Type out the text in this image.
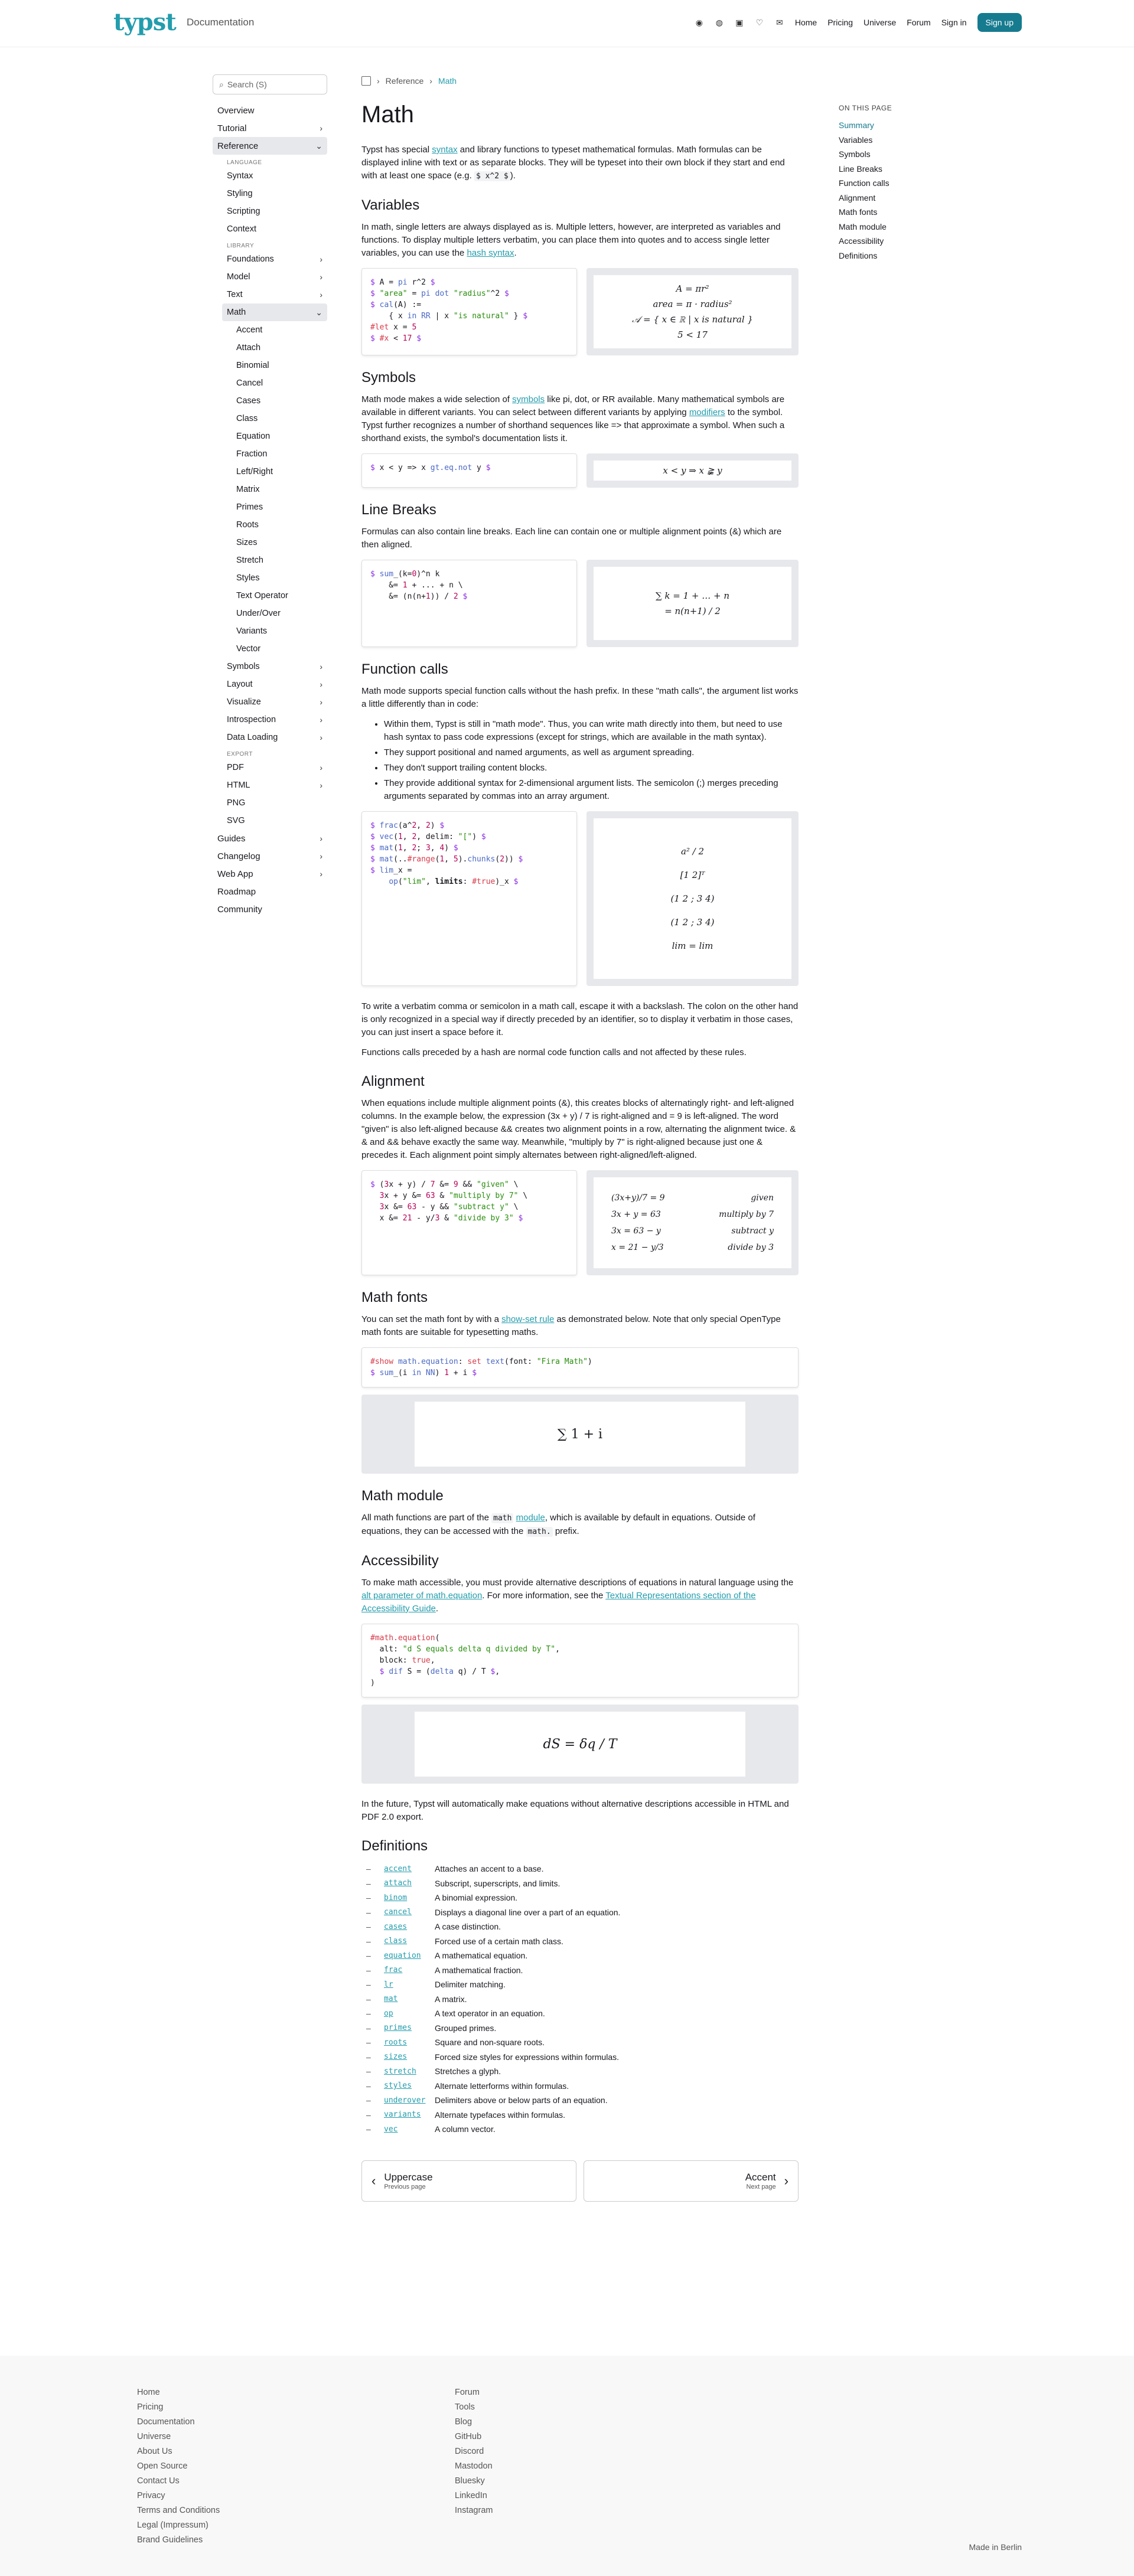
typst Documentation	◉ ◍ ▣ ♡ ✉ Home Pricing Universe Forum Sign in	Sign up
⌕ Search (S)
Overview
Tutorial	›
Reference	⌄
LANGUAGE
Syntax
Styling
Scripting
Context
LIBRARY
Foundations	›
Model	›
Text	›
Math	⌄
Accent
Attach
Binomial
Cancel
Cases
Class
Equation
Fraction
Left/Right
Matrix
Primes
Roots
Sizes
Stretch
Styles
Text Operator
Under/Over
Variants
Vector
Symbols	›
Layout	›
Visualize	›
Introspection	›
Data Loading	›
EXPORT
PDF	›
HTML	›
PNG
SVG
Guides	›
Changelog	›
Web App	›
Roadmap
Community
› Reference › Math
Math

Typst has special syntax and library functions to typeset mathematical formulas. Math formulas can be displayed inline with text or as separate blocks. They will be typeset into their own block if they start and end with at least one space (e.g. $ x^2 $ ).

Variables

In math, single letters are always displayed as is. Multiple letters, however, are interpreted as variables and functions. To display multiple letters verbatim, you can place them into quotes and to access single letter variables, you can use the hash syntax.

$ A = pi r^2 $
$ "area" = pi dot "radius"^2 $
$ cal(A) :=
{ x in RR | x "is natural" } $
#let x = 5
$ #x < 17 $
A = πr²
area = π · radius²
𝒜 = { x ∈ ℝ | x is natural }
5 < 17
Symbols

Math mode makes a wide selection of symbols like pi, dot, or RR available. Many mathematical symbols are available in different variants. You can select between different variants by applying modifiers to the symbol. Typst further recognizes a number of shorthand sequences like => that approximate a symbol. When such a shorthand exists, the symbol's documentation lists it.

$ x < y => x gt.eq.not y $	x < y ⇒ x ≩ y
Line Breaks

Formulas can also contain line breaks. Each line can contain one or multiple alignment points (&) which are then aligned.

$ sum_(k=0)^n k
&= 1 + ... + n \
&= (n(n+1)) / 2 $	∑ k = 1 + … + n
= n(n+1) / 2
Function calls

Math mode supports special function calls without the hash prefix. In these "math calls", the argument list works a little differently than in code:

• Within them, Typst is still in "math mode". Thus, you can write math directly into them, but need to use hash syntax to pass code expressions (except for strings, which are available in the math syntax).
• They support positional and named arguments, as well as argument spreading.
• They don't support trailing content blocks.
• They provide additional syntax for 2-dimensional argument lists. The semicolon (;) merges preceding arguments separated by commas into an array argument.
$ frac(a^2, 2) $
$ vec(1, 2, delim: "[") $
$ mat(1, 2; 3, 4) $
$ mat(..#range(1, 5).chunks(2)) $
$ lim_x =
op("lim", limits: #true)_x $
a² / 2
[1 2]ᵀ
(1 2 ; 3 4)
(1 2 ; 3 4)
lim = lim

To write a verbatim comma or semicolon in a math call, escape it with a backslash. The colon on the other hand is only recognized in a special way if directly preceded by an identifier, so to display it verbatim in those cases, you can just insert a space before it.

Functions calls preceded by a hash are normal code function calls and not affected by these rules.

Alignment

When equations include multiple alignment points (&), this creates blocks of alternatingly right- and left-aligned columns. In the example below, the expression (3x + y) / 7 is right-aligned and = 9 is left-aligned. The word "given" is also left-aligned because && creates two alignment points in a row, alternating the alignment twice. & & and && behave exactly the same way. Meanwhile, "multiply by 7" is right-aligned because just one & precedes it. Each alignment point simply alternates between right-aligned/left-aligned.

$ (3x + y) / 7 &= 9 && "given" \
3x + y &= 63 & "multiply by 7" \
3x &= 63 - y && "subtract y" \
x &= 21 - y/3 & "divide by 3" $
(3x+y)/7 = 9	given
3x + y = 63	multiply by 7
3x = 63 − y	subtract y
x = 21 − y/3	divide by 3
Math fonts

You can set the math font by with a show-set rule as demonstrated below. Note that only special OpenType math fonts are suitable for typesetting maths.

#show math.equation: set text(font: "Fira Math")
$ sum_(i in NN) 1 + i $
∑ 1 + i
Math module

All math functions are part of the math module, which is available by default in equations. Outside of equations, they can be accessed with the math. prefix.

Accessibility

To make math accessible, you must provide alternative descriptions of equations in natural language using the alt parameter of math.equation. For more information, see the Textual Representations section of the Accessibility Guide.

#math.equation(
alt: "d S equals delta q divided by T",
block: true,
$ dif S = (delta q) / T $,
)
dS = δq / T

In the future, Typst will automatically make equations without alternative descriptions accessible in HTML and PDF 2.0 export.

Definitions
–	accent	Attaches an accent to a base.
–	attach	Subscript, superscripts, and limits.
–	binom	A binomial expression.
–	cancel	Displays a diagonal line over a part of an equation.
–	cases	A case distinction.
–	class	Forced use of a certain math class.
–	equation	A mathematical equation.
–	frac	A mathematical fraction.
–	lr	Delimiter matching.
–	mat	A matrix.
–	op	A text operator in an equation.
–	primes	Grouped primes.
–	roots	Square and non-square roots.
–	sizes	Forced size styles for expressions within formulas.
–	stretch	Stretches a glyph.
–	styles	Alternate letterforms within formulas.
–	underover	Delimiters above or below parts of an equation.
–	variants	Alternate typefaces within formulas.
–	vec	A column vector.
‹ Uppercase
Previous page
Accent
Next page ›
ON THIS PAGE
Summary
Variables
Symbols
Line Breaks
Function calls
Alignment
Math fonts
Math module
Accessibility
Definitions
Home
Pricing
Documentation
Universe
About Us
Open Source
Contact Us
Privacy
Terms and Conditions
Legal (Impressum)
Brand Guidelines
Forum
Tools
Blog
GitHub
Discord
Mastodon
Bluesky
LinkedIn
Instagram
Made in Berlin
